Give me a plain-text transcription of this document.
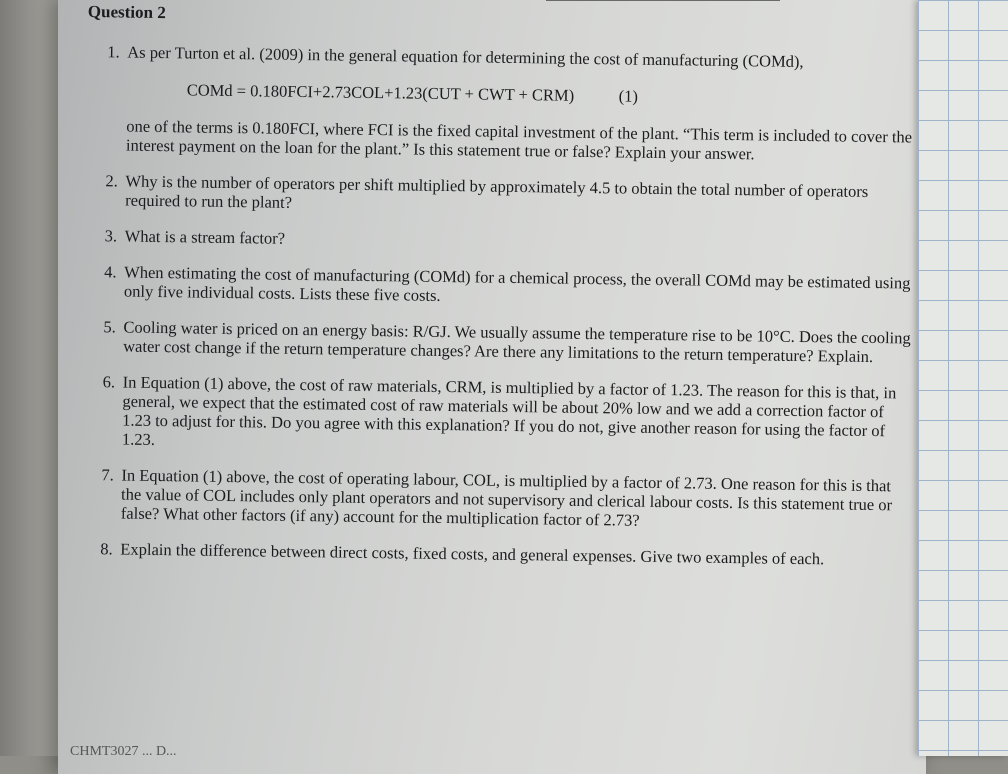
Question 2
1. As per Turton et al. (2009) in the general equation for determining the cost of manufacturing (COMd),
COMd = 0.180FCI+2.73COL+1.23(CUT + CWT + CRM)	(1)
one of the terms is 0.180FCI, where FCI is the fixed capital investment of the plant. “This term is included to cover the interest payment on the loan for the plant.” Is this statement true or false? Explain your answer.
2. Why is the number of operators per shift multiplied by approximately 4.5 to obtain the total number of operators required to run the plant?
3. What is a stream factor?
4. When estimating the cost of manufacturing (COMd) for a chemical process, the overall COMd may be estimated using only five individual costs. Lists these five costs.
5. Cooling water is priced on an energy basis: R/GJ. We usually assume the temperature rise to be 10°C. Does the cooling water cost change if the return temperature changes? Are there any limitations to the return temperature? Explain.
6. In Equation (1) above, the cost of raw materials, CRM, is multiplied by a factor of 1.23. The reason for this is that, in general, we expect that the estimated cost of raw materials will be about 20% low and we add a correction factor of 1.23 to adjust for this. Do you agree with this explanation? If you do not, give another reason for using the factor of 1.23.
7. In Equation (1) above, the cost of operating labour, COL, is multiplied by a factor of 2.73. One reason for this is that the value of COL includes only plant operators and not supervisory and clerical labour costs. Is this statement true or false? What other factors (if any) account for the multiplication factor of 2.73?
8. Explain the difference between direct costs, fixed costs, and general expenses. Give two examples of each.
CHMT3027 ... D...
